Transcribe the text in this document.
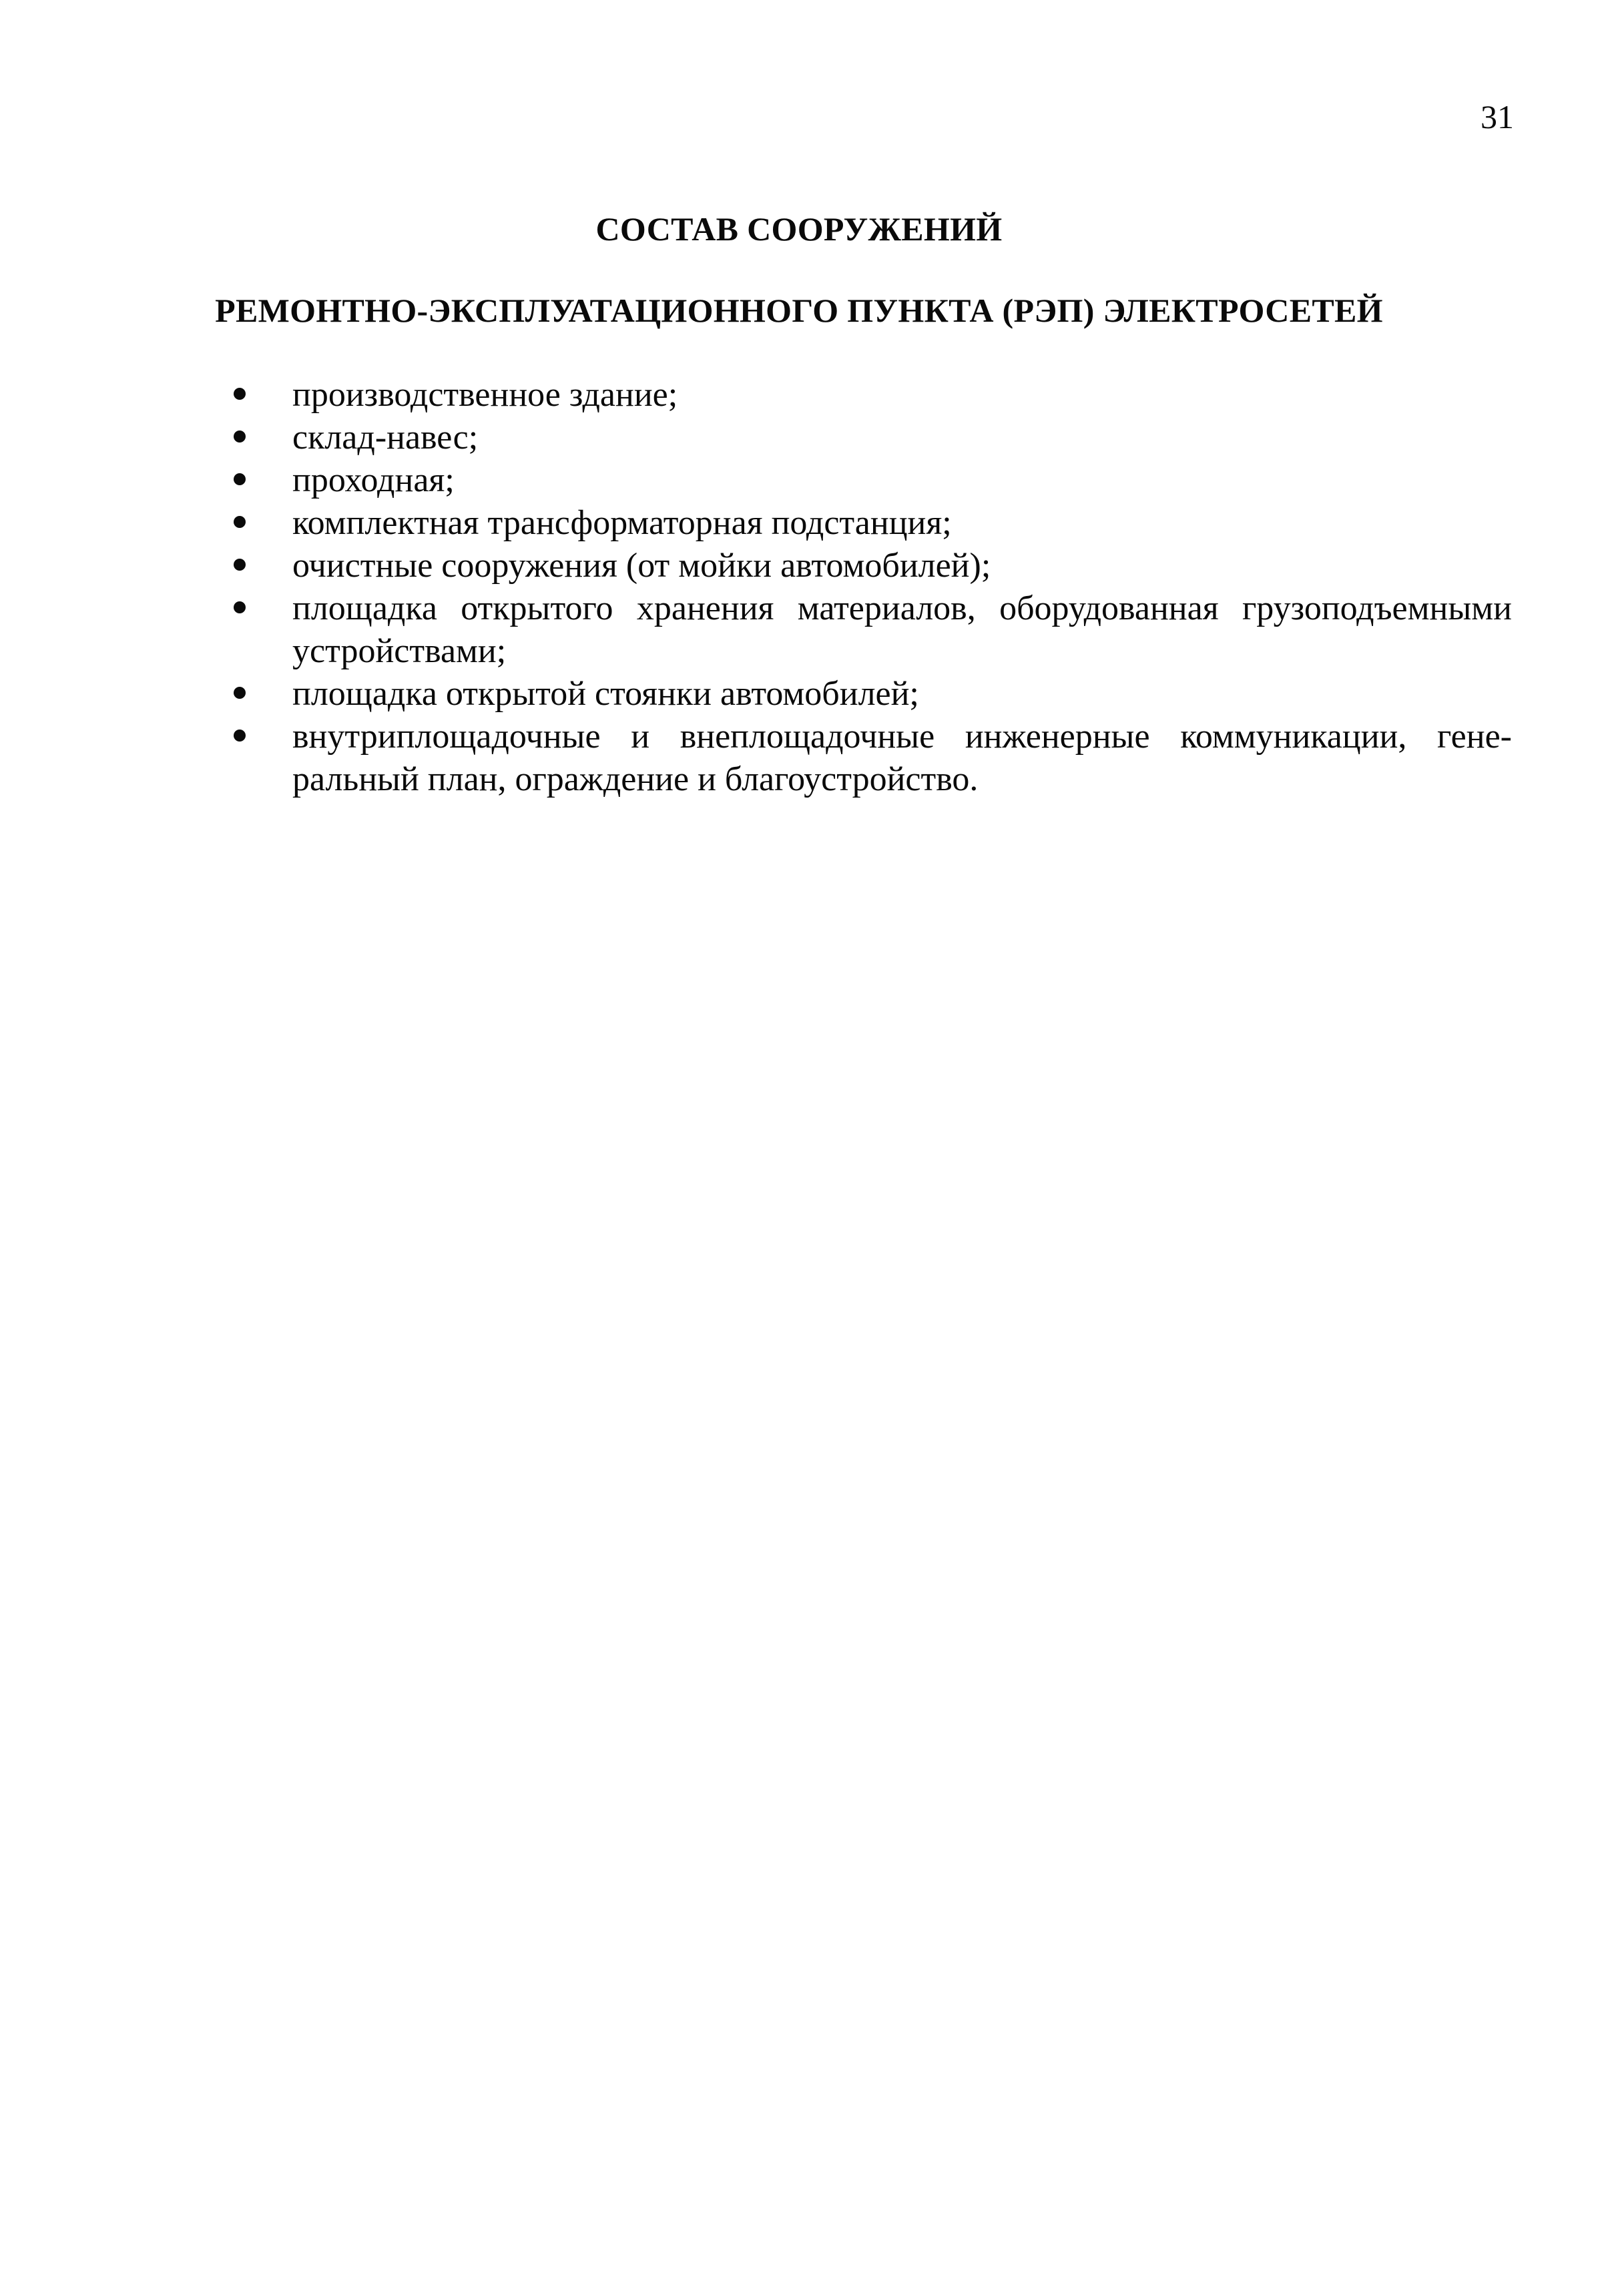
31
СОСТАВ СООРУЖЕНИЙ
РЕМОНТНО-ЭКСПЛУАТАЦИОННОГО ПУНКТА (РЭП) ЭЛЕКТРОСЕТЕЙ
производственное здание;
склад-навес;
проходная;
комплектная трансформаторная подстанция;
очистные сооружения (от мойки автомобилей);
площадка открытого хранения материалов, оборудованная грузоподъемными устройствами;
площадка открытой стоянки автомобилей;
внутриплощадочные и внеплощадочные инженерные коммуникации, генеральный план, ограждение и благоустройство.
